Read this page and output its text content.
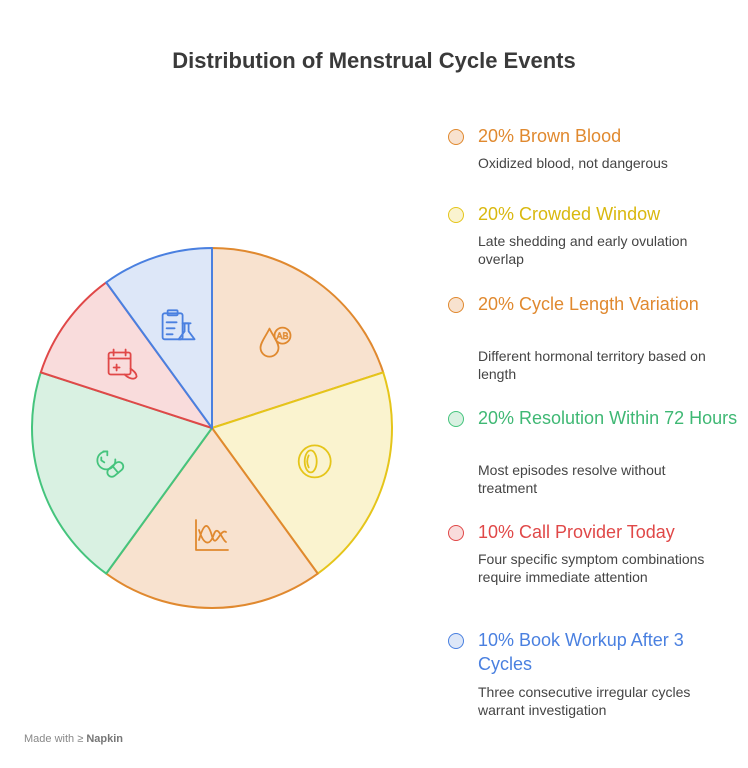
Distribution of Menstrual Cycle Events
AB

20% Brown Blood

Oxidized blood, not dangerous

20% Crowded Window

Late shedding and early ovulation overlap

20% Cycle Length Variation

Different hormonal territory based on length

20% Resolution Within 72 Hours

Most episodes resolve without treatment

10% Call Provider Today

Four specific symptom combinations require immediate attention

10% Book Workup After 3 Cycles

Three consecutive irregular cycles warrant investigation

Made with ≥ Napkin
